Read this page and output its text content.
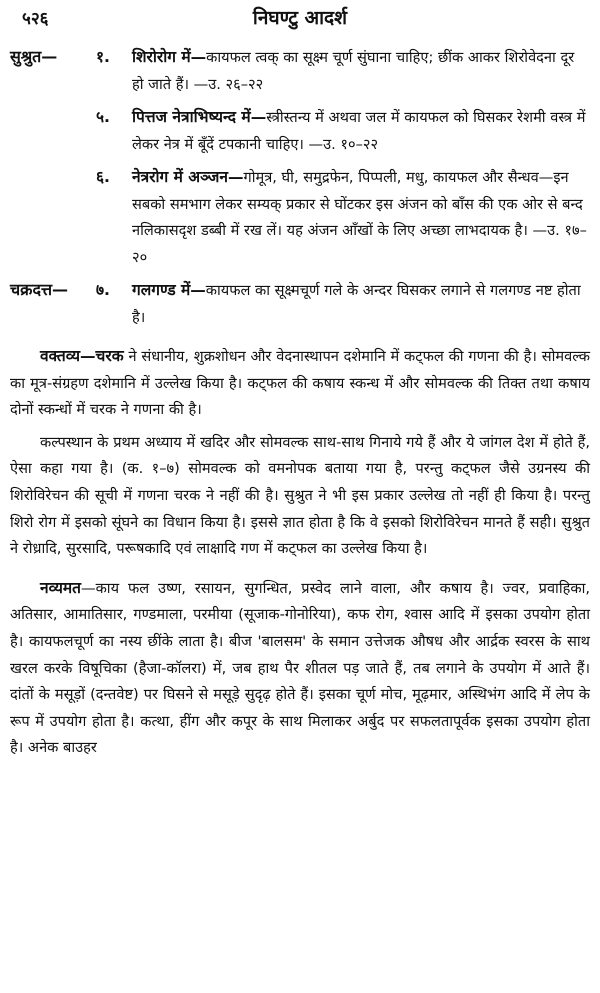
५२६	निघण्टु आदर्श
सुश्रुत—	१.	शिरोरोग में—कायफल त्वक् का सूक्ष्म चूर्ण सुंघाना चाहिए; छींक आकर शिरोवेदना दूर हो जाते हैं। —उ. २६–२२
५.	पित्तज नेत्राभिष्यन्द में—स्त्रीस्तन्य में अथवा जल में कायफल को घिसकर रेशमी वस्त्र में लेकर नेत्र में बूँदें टपकानी चाहिए। —उ. १०–२२
६.	नेत्ररोग में अञ्जन—गोमूत्र, घी, समुद्रफेन, पिप्पली, मधु, कायफल और सैन्धव—इन सबको समभाग लेकर सम्यक् प्रकार से घोंटकर इस अंजन को बाँस की एक ओर से बन्द नलिकासदृश डब्बी में रख लें। यह अंजन आँखों के लिए अच्छा लाभदायक है। —उ. १७–२०
चक्रदत्त—	७.	गलगण्ड में—कायफल का सूक्ष्मचूर्ण गले के अन्दर घिसकर लगाने से गलगण्ड नष्ट होता है।

वक्तव्य—चरक ने संधानीय, शुक्रशोधन और वेदनास्थापन दशेमानि में कट्फल की गणना की है। सोमवल्क का मूत्र-संग्रहण दशेमानि में उल्लेख किया है। कट्फल की कषाय स्कन्ध में और सोमवल्क की तिक्त तथा कषाय दोनों स्कन्धों में चरक ने गणना की है।

कल्पस्थान के प्रथम अध्याय में खदिर और सोमवल्क साथ-साथ गिनाये गये हैं और ये जांगल देश में होते हैं, ऐसा कहा गया है। (क. १–७) सोमवल्क को वमनोपक बताया गया है, परन्तु कट्फल जैसे उग्रनस्य की शिरोविरेचन की सूची में गणना चरक ने नहीं की है। सुश्रुत ने भी इस प्रकार उल्लेख तो नहीं ही किया है। परन्तु शिरो रोग में इसको सूंघने का विधान किया है। इससे ज्ञात होता है कि वे इसको शिरोविरेचन मानते हैं सही। सुश्रुत ने रोध्रादि, सुरसादि, परूषकादि एवं लाक्षादि गण में कट्फल का उल्लेख किया है।

नव्यमत—काय फल उष्ण, रसायन, सुगन्धित, प्रस्वेद लाने वाला, और कषाय है। ज्वर, प्रवाहिका, अतिसार, आमातिसार, गण्डमाला, परमीया (सूजाक-गोनोरिया), कफ रोग, श्वास आदि में इसका उपयोग होता है। कायफलचूर्ण का नस्य छींके लाता है। बीज 'बालसम' के समान उत्तेजक औषध और आर्द्रक स्वरस के साथ खरल करके विषूचिका (हैजा-कॉलरा) में, जब हाथ पैर शीतल पड़ जाते हैं, तब लगाने के उपयोग में आते हैं। दांतों के मसूड़ों (दन्तवेष्ट) पर घिसने से मसूड़े सुदृढ़ होते हैं। इसका चूर्ण मोच, मूढ़मार, अस्थिभंग आदि में लेप के रूप में उपयोग होता है। कत्था, हींग और कपूर के साथ मिलाकर अर्बुद पर सफलतापूर्वक इसका उपयोग होता है। अनेक बाउहर
